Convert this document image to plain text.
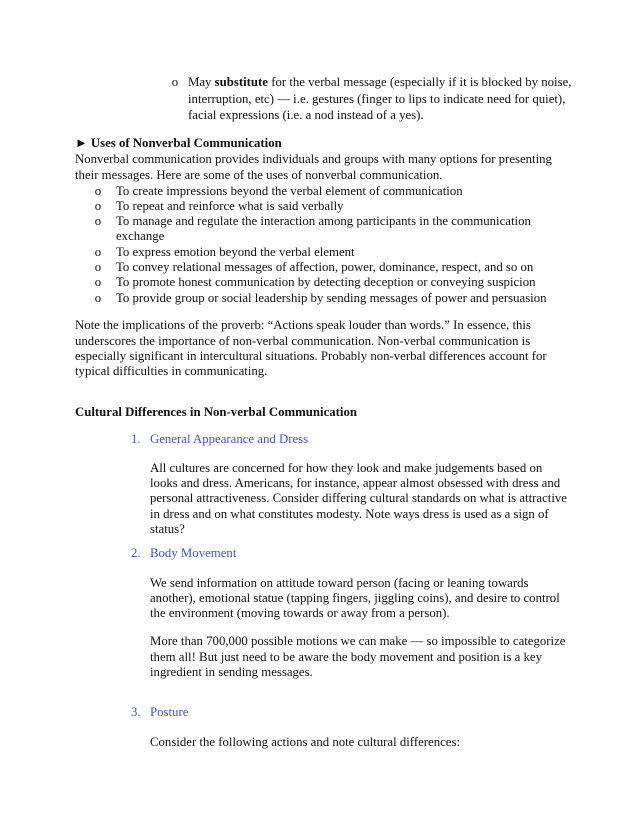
o May substitute for the verbal message (especially if it is blocked by noise,
interruption, etc) — i.e. gestures (finger to lips to indicate need for quiet),
facial expressions (i.e. a nod instead of a yes).
► Uses of Nonverbal Communication
Nonverbal communication provides individuals and groups with many options for presenting
their messages. Here are some of the uses of nonverbal communication.
o To create impressions beyond the verbal element of communication
o To repeat and reinforce what is said verbally
o To manage and regulate the interaction among participants in the communication
exchange
o To express emotion beyond the verbal element
o To convey relational messages of affection, power, dominance, respect, and so on
o To promote honest communication by detecting deception or conveying suspicion
o To provide group or social leadership by sending messages of power and persuasion
Note the implications of the proverb: “Actions speak louder than words.” In essence, this
underscores the importance of non-verbal communication. Non-verbal communication is
especially significant in intercultural situations. Probably non-verbal differences account for
typical difficulties in communicating.
Cultural Differences in Non-verbal Communication
1. General Appearance and Dress
All cultures are concerned for how they look and make judgements based on
looks and dress. Americans, for instance, appear almost obsessed with dress and
personal attractiveness. Consider differing cultural standards on what is attractive
in dress and on what constitutes modesty. Note ways dress is used as a sign of
status?
2. Body Movement
We send information on attitude toward person (facing or leaning towards
another), emotional statue (tapping fingers, jiggling coins), and desire to control
the environment (moving towards or away from a person).
More than 700,000 possible motions we can make — so impossible to categorize
them all! But just need to be aware the body movement and position is a key
ingredient in sending messages.
3. Posture
Consider the following actions and note cultural differences:
